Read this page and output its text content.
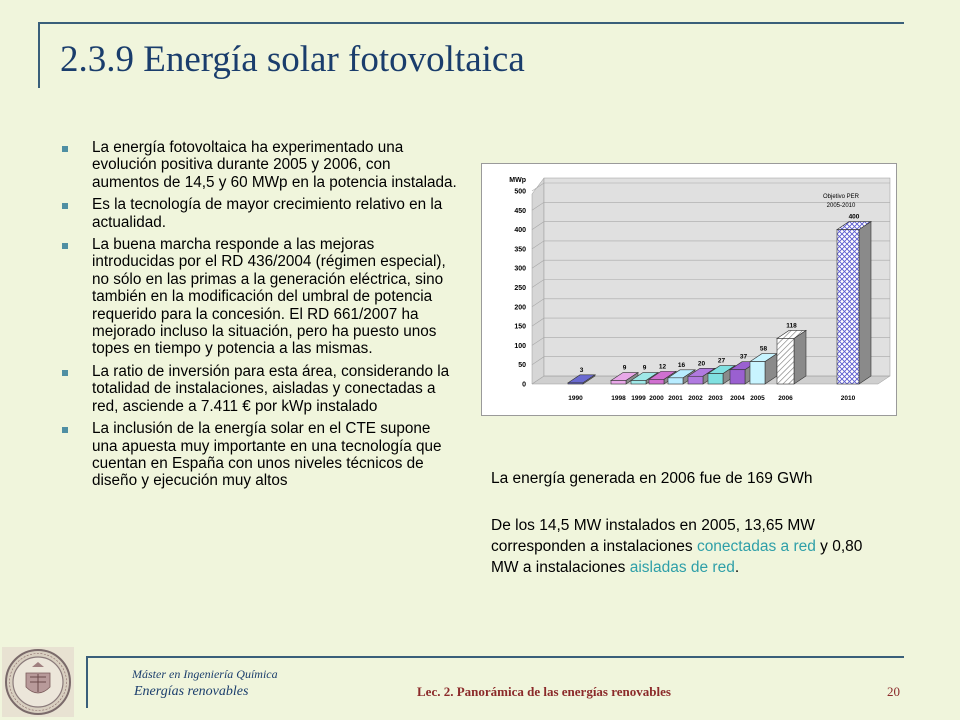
2.3.9 Energía solar fotovoltaica
La energía fotovoltaica ha experimentado una evolución positiva durante 2005 y 2006, con aumentos de 14,5 y 60 MWp en la potencia instalada.
Es la tecnología de mayor crecimiento relativo en la actualidad.
La buena marcha responde a las mejoras introducidas por el RD 436/2004 (régimen especial), no sólo en las primas a la generación eléctrica, sino también en la modificación del umbral de potencia requerido para la concesión. El RD 661/2007 ha mejorado incluso la situación, pero ha puesto unos topes en tiempo y potencia a las mismas.
La ratio de inversión para esta área, considerando la totalidad de instalaciones, aisladas y conectadas a red, asciende a 7.411 € por kWp instalado
La inclusión de la energía solar en el CTE supone una apuesta muy importante en una tecnología que cuentan en España con unos niveles técnicos de diseño y ejecución muy altos
0
50
100
150
200
250
300
350
400
450
500
MWp
3	9	9 12 16 20 27
37
58
118
400
1990	1998 1999 2000 2001 2002 2003 2004 2005 2006	2010
Objetivo PER
2005-2010
La energía generada en 2006 fue de 169 GWh
De los 14,5 MW instalados en 2005, 13,65 MW corresponden a instalaciones conectadas a red y 0,80 MW a instalaciones aisladas de red.
Máster en Ingeniería Química
Energías renovables	Lec. 2. Panorámica de las energías renovables	20
